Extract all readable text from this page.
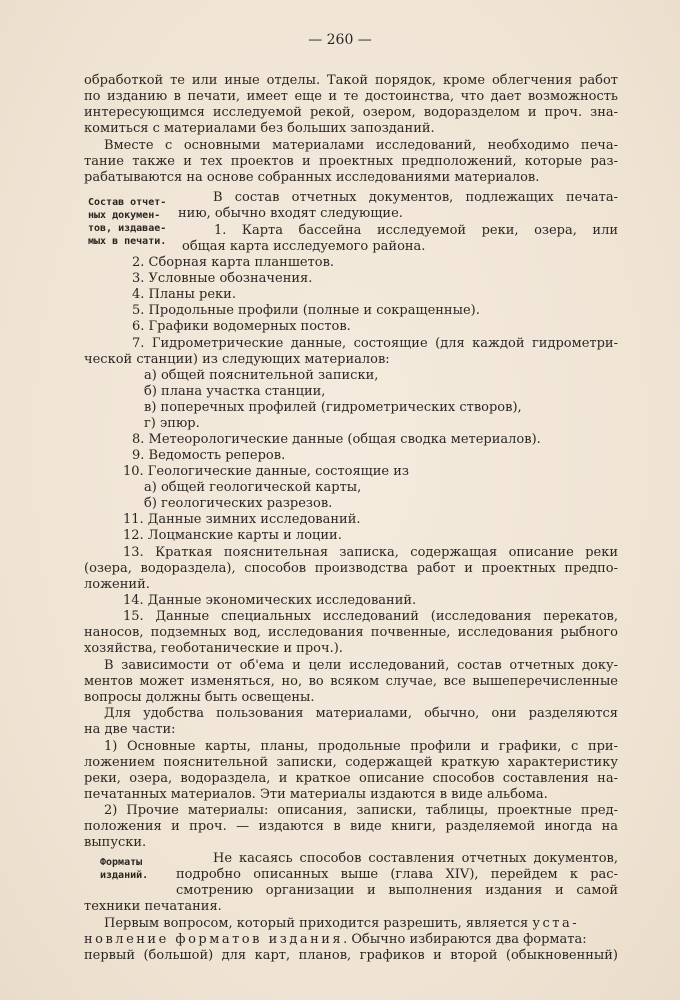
— 260 —
обработкой те или иные отделы. Такой порядок, кроме облегчения работ
по изданию в печати, имеет еще и те достоинства, что дает возможность
интересующимся исследуемой рекой, озером, водоразделом и проч. зна-
комиться с материалами без больших запозданий.
Вместе с основными материалами исследований, необходимо печа-
тание также и тех проектов и проектных предположений, которые раз-
рабатываются на основе собранных исследованиями материалов.
Состав отчет-
ных докумен-
тов, издавае-
мых в печати.
В состав отчетных документов, подлежащих печата-
нию, обычно входят следующие.
1. Карта бассейна исследуемой реки, озера, или
общая карта исследуемого района.
2. Сборная карта планшетов.
3. Условные обозначения.
4. Планы реки.
5. Продольные профили (полные и сокращенные).
6. Графики водомерных постов.
7. Гидрометрические данные, состоящие (для каждой гидрометри-
ческой станции) из следующих материалов:
а) общей пояснительной записки,
б) плана участка станции,
в) поперечных профилей (гидрометрических створов),
г) эпюр.
8. Метеорологические данные (общая сводка метериалов).
9. Ведомость реперов.
10. Геологические данные, состоящие из
а) общей геологической карты,
б) геологических разрезов.
11. Данные зимних исследований.
12. Лоцманские карты и лоции.
13. Краткая пояснительная записка, содержащая описание реки
(озера, водораздела), способов производства работ и проектных предпо-
ложений.
14. Данные экономических исследований.
15. Данные специальных исследований (исследования перекатов,
наносов, подземных вод, исследования почвенные, исследования рыбного
хозяйства, геоботанические и проч.).
В зависимости от об'ема и цели исследований, состав отчетных доку-
ментов может изменяться, но, во всяком случае, все вышеперечисленные
вопросы должны быть освещены.
Для удобства пользования материалами, обычно, они разделяются
на две части:
1) Основные карты, планы, продольные профили и графики, с при-
ложением пояснительной записки, содержащей краткую характеристику
реки, озера, водораздела, и краткое описание способов составления на-
печатанных материалов. Эти материалы издаются в виде альбома.
2) Прочие материалы: описания, записки, таблицы, проектные пред-
положения и проч. — издаются в виде книги, разделяемой иногда на
выпуски.
Форматы
изданий.
Не касаясь способов составления отчетных документов,
подробно описанных выше (глава XIV), перейдем к рас-
смотрению организации и выполнения издания и самой
техники печатания.
Первым вопросом, который приходится разрешить, является уста-
новление форматов издания. Обычно избираются два формата:
первый (большой) для карт, планов, графиков и второй (обыкновенный)
